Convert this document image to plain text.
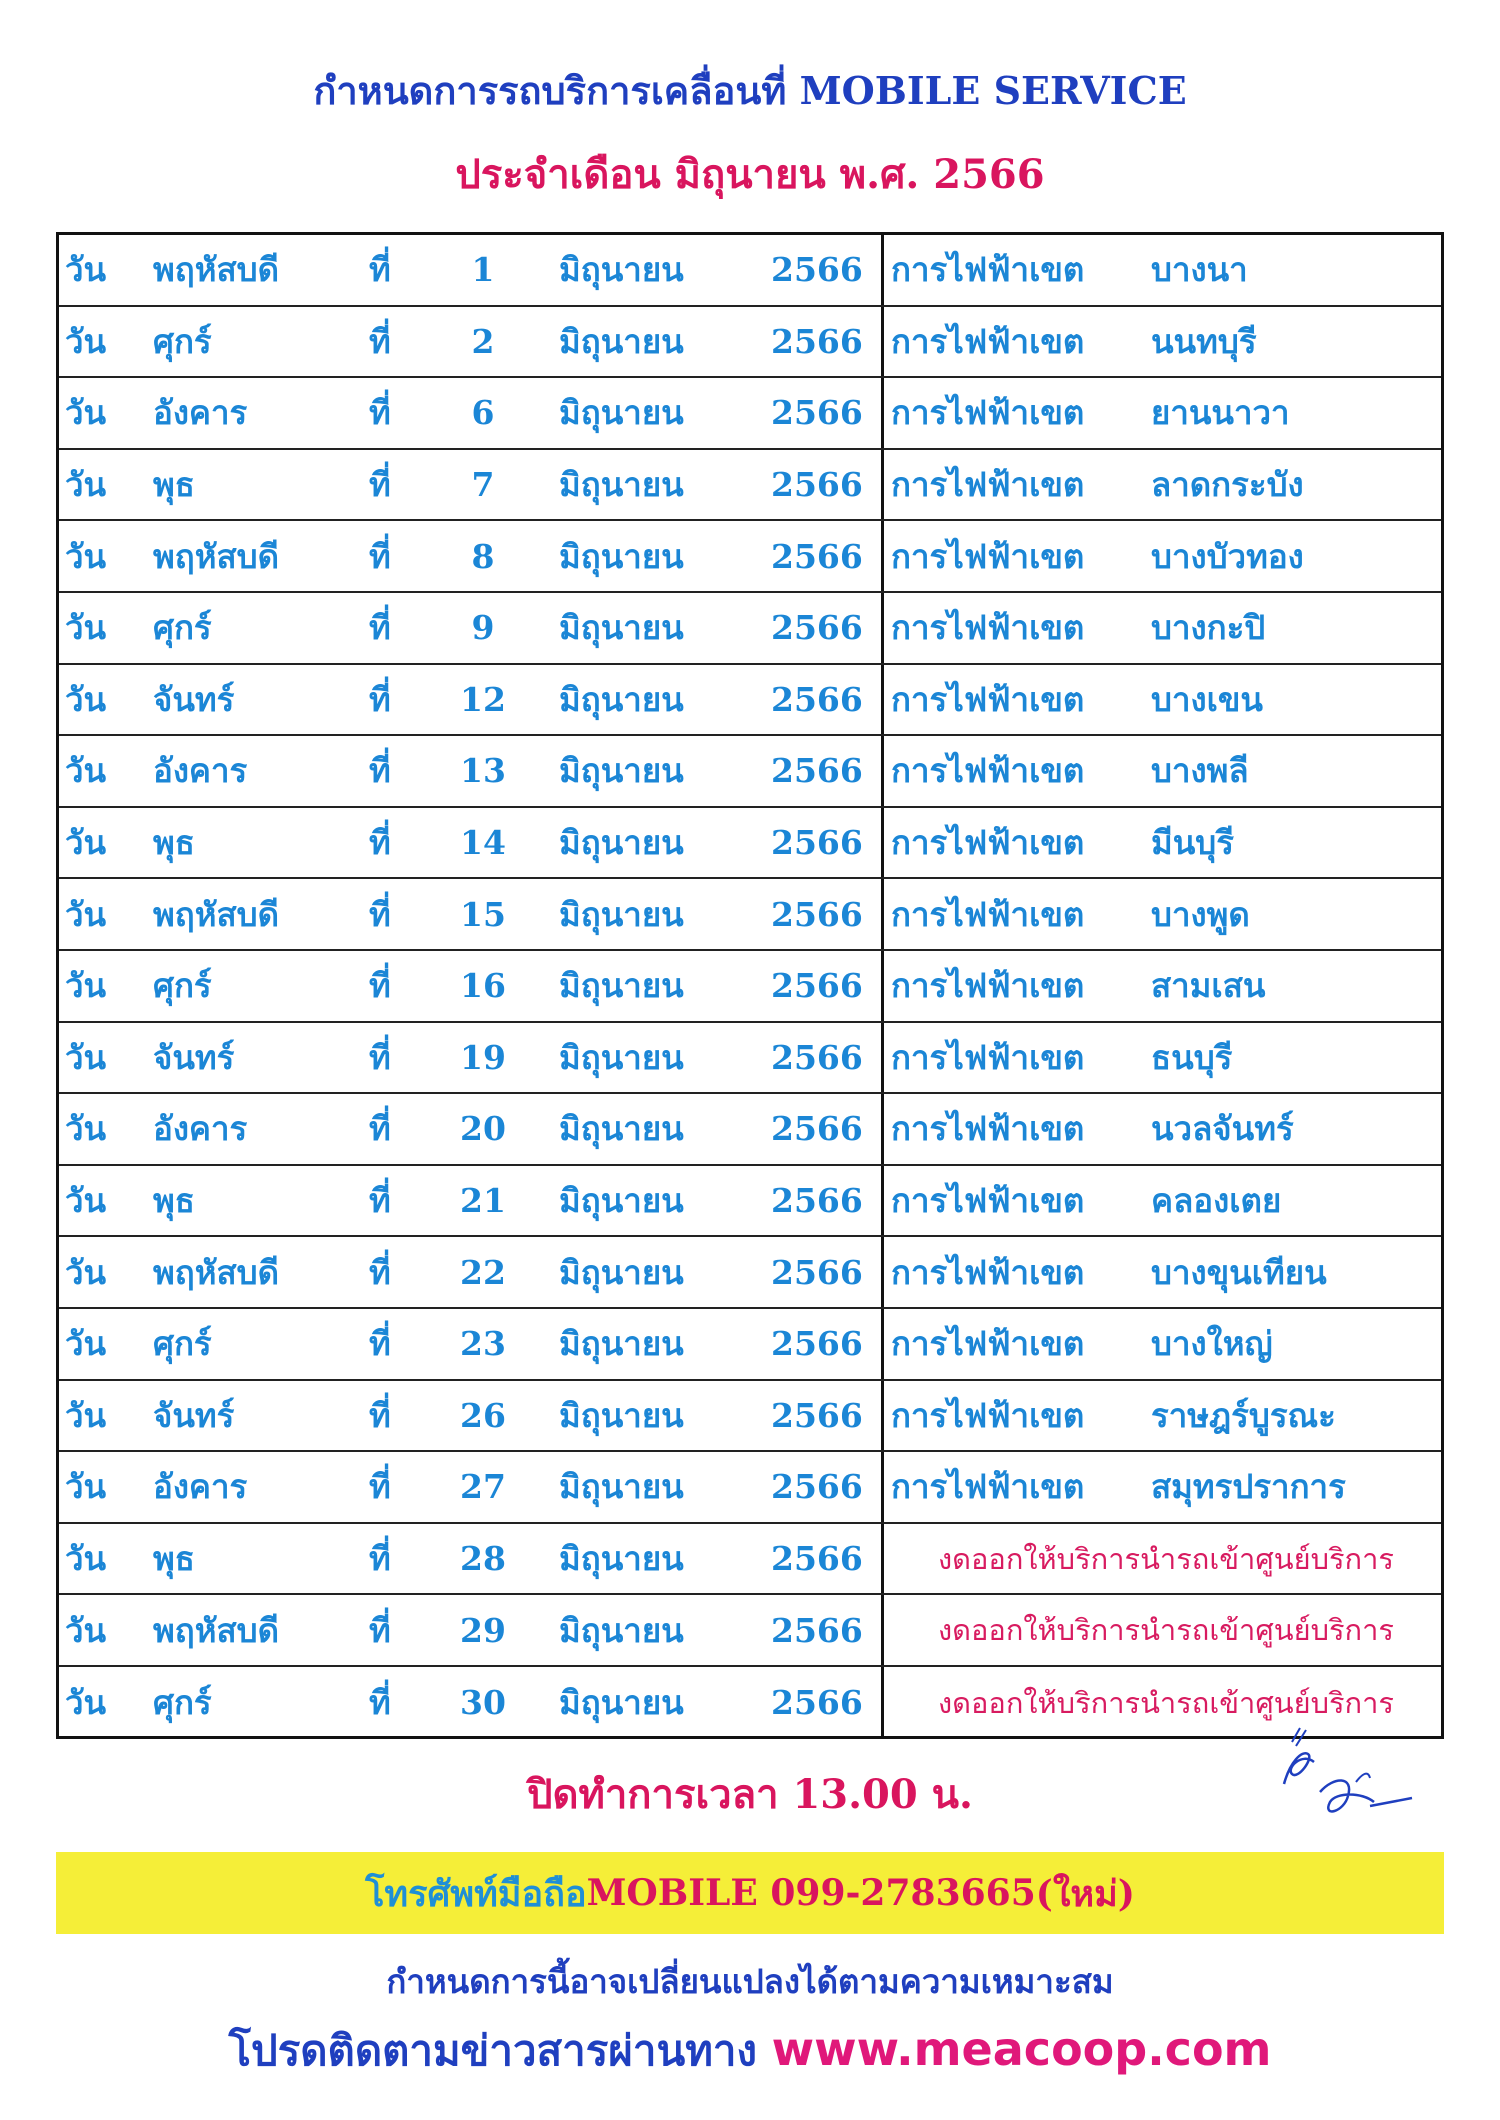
กำหนดการรถบริการเคลื่อนที่ MOBILE SERVICE
ประจำเดือน มิถุนายน พ.ศ. 2566
วัน พฤหัสบดี	ที่	1	มิถุนายน	2566 การไฟฟ้าเขต บางนา
วัน ศุกร์	ที่	2	มิถุนายน	2566 การไฟฟ้าเขต นนทบุรี
วัน อังคาร	ที่	6	มิถุนายน	2566 การไฟฟ้าเขต ยานนาวา
วัน พุธ	ที่	7	มิถุนายน	2566 การไฟฟ้าเขต ลาดกระบัง
วัน พฤหัสบดี	ที่	8	มิถุนายน	2566 การไฟฟ้าเขต บางบัวทอง
วัน ศุกร์	ที่	9	มิถุนายน	2566 การไฟฟ้าเขต บางกะปิ
วัน จันทร์	ที่	12	มิถุนายน	2566 การไฟฟ้าเขต บางเขน
วัน อังคาร	ที่	13	มิถุนายน	2566 การไฟฟ้าเขต บางพลี
วัน พุธ	ที่	14	มิถุนายน	2566 การไฟฟ้าเขต มีนบุรี
วัน พฤหัสบดี	ที่	15	มิถุนายน	2566 การไฟฟ้าเขต บางพูด
วัน ศุกร์	ที่	16	มิถุนายน	2566 การไฟฟ้าเขต สามเสน
วัน จันทร์	ที่	19	มิถุนายน	2566 การไฟฟ้าเขต ธนบุรี
วัน อังคาร	ที่	20	มิถุนายน	2566 การไฟฟ้าเขต นวลจันทร์
วัน พุธ	ที่	21	มิถุนายน	2566 การไฟฟ้าเขต คลองเตย
วัน พฤหัสบดี	ที่	22	มิถุนายน	2566 การไฟฟ้าเขต บางขุนเทียน
วัน ศุกร์	ที่	23	มิถุนายน	2566 การไฟฟ้าเขต บางใหญ่
วัน จันทร์	ที่	26	มิถุนายน	2566 การไฟฟ้าเขต ราษฎร์บูรณะ
วัน อังคาร	ที่	27	มิถุนายน	2566 การไฟฟ้าเขต สมุทรปราการ
วัน พุธ	ที่	28	มิถุนายน	2566	งดออกให้บริการนำรถเข้าศูนย์บริการ
วัน พฤหัสบดี	ที่	29	มิถุนายน	2566	งดออกให้บริการนำรถเข้าศูนย์บริการ
วัน ศุกร์	ที่	30	มิถุนายน	2566	งดออกให้บริการนำรถเข้าศูนย์บริการ
ปิดทำการเวลา 13.00 น.
โทรศัพท์มือถือ MOBILE 099-2783665 (ใหม่)
กำหนดการนี้อาจเปลี่ยนแปลงได้ตามความเหมาะสม
โปรดติดตามข่าวสารผ่านทาง www.meacoop.com
